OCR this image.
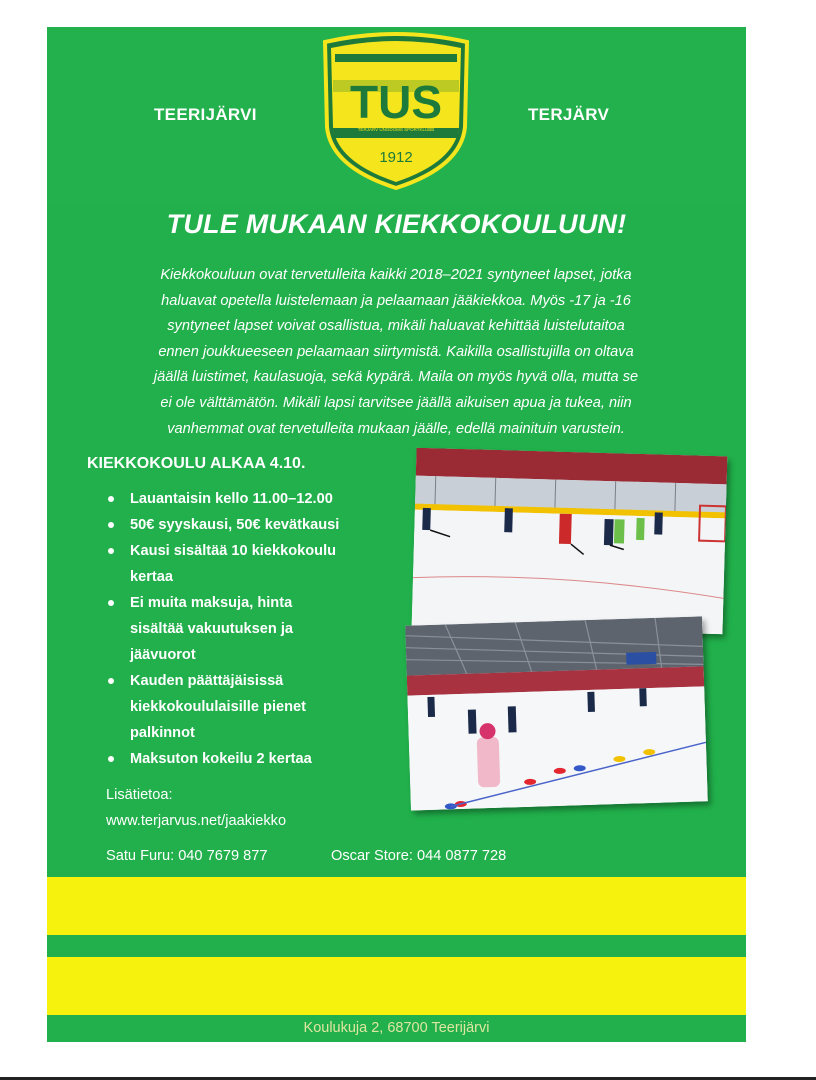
TEERIJÄRVI TUS
TERJÄRV UNGDOMS SPORTKLUBB
1912
TERJÄRV
TULE MUKAAN KIEKKOKOULUUN!
Kiekkokouluun ovat tervetulleita kaikki 2018–2021 syntyneet lapset, jotka
haluavat opetella luistelemaan ja pelaamaan jääkiekkoa. Myös -17 ja -16
syntyneet lapset voivat osallistua, mikäli haluavat kehittää luistelutaitoa
ennen joukkueeseen pelaamaan siirtymistä. Kaikilla osallistujilla on oltava
jäällä luistimet, kaulasuoja, sekä kypärä. Maila on myös hyvä olla, mutta se
ei ole välttämätön. Mikäli lapsi tarvitsee jäällä aikuisen apua ja tukea, niin
vanhemmat ovat tervetulleita mukaan jäälle, edellä mainituin varustein.
KIEKKOKOULU ALKAA 4.10.
Lauantaisin kello 11.00–12.00
50€ syyskausi, 50€ kevätkausi
Kausi sisältää 10 kiekkokoulu
kertaa
Ei muita maksuja, hinta
sisältää vakuutuksen ja
jäävuorot
Kauden päättäjäisissä
kiekkokoululaisille pienet
palkinnot
Maksuton kokeilu 2 kertaa
Lisätietoa:
www.terjarvus.net/jaakiekko
Satu Furu: 040 7679 877	Oscar Store: 044 0877 728
Koulukuja 2, 68700 Teerijärvi
